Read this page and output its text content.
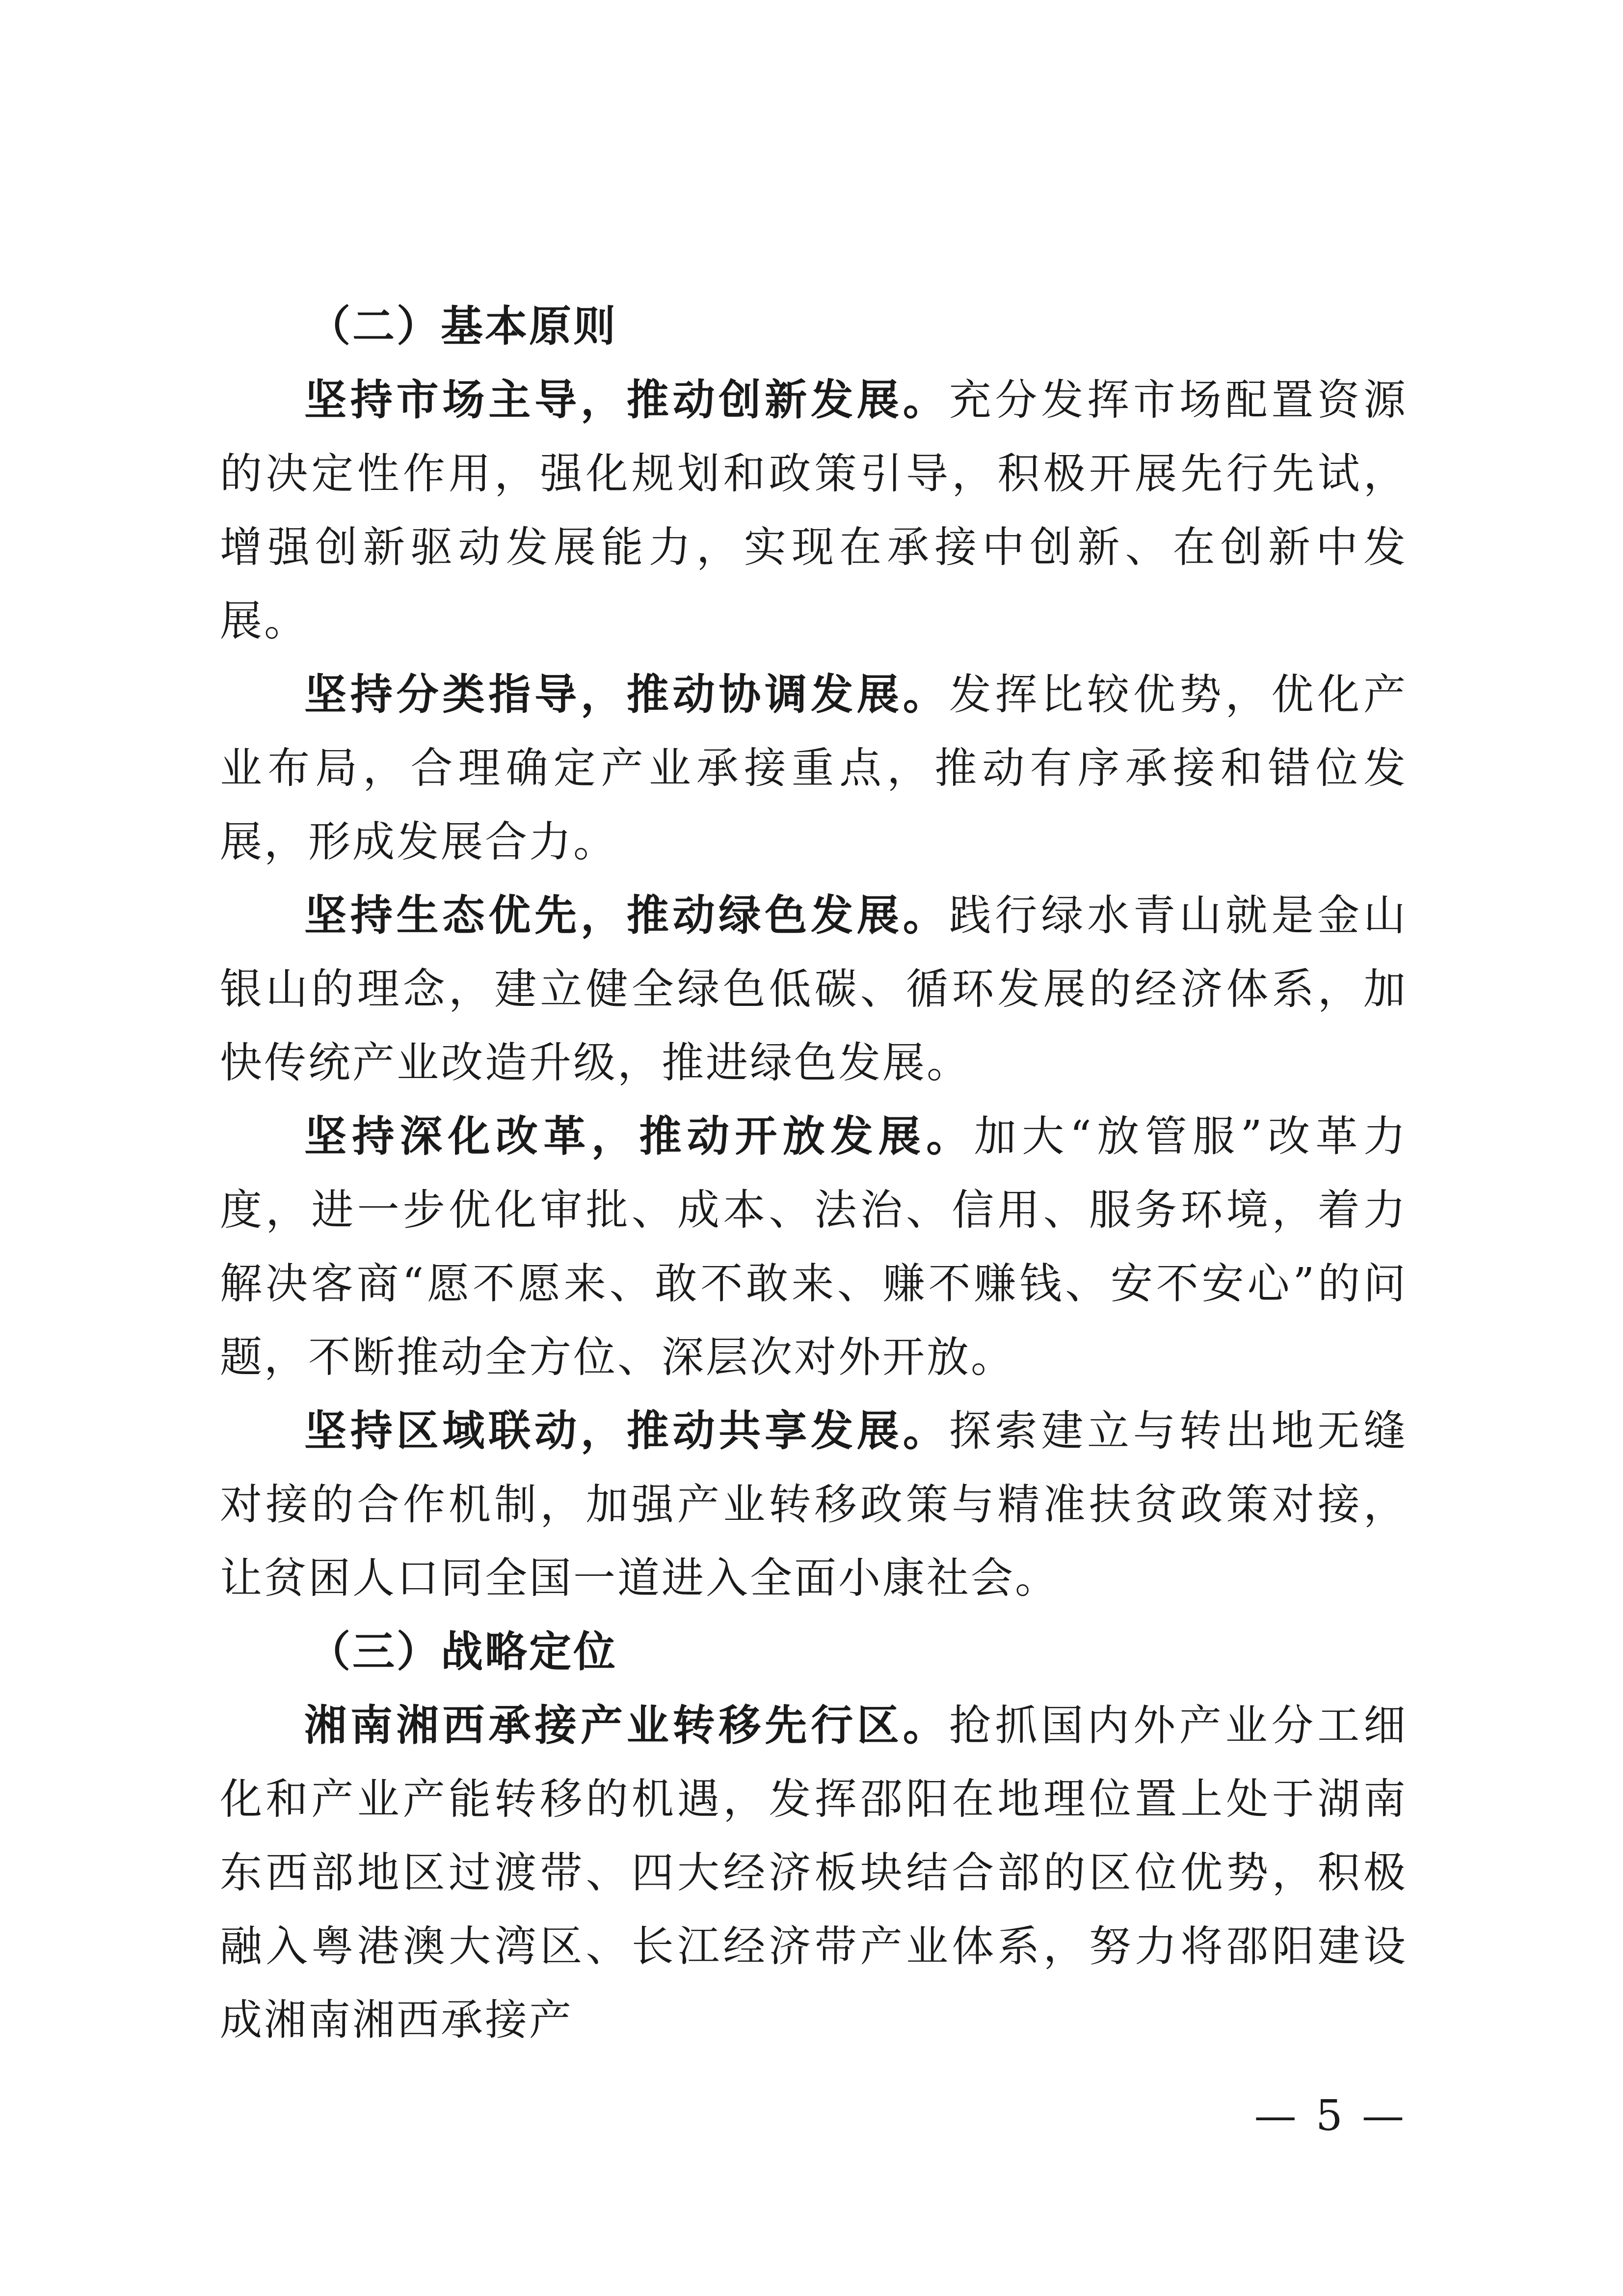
（二）基本原则

坚持市场主导，推动创新发展。充分发挥市场配置资源的决定性作用，强化规划和政策引导，积极开展先行先试，增强创新驱动发展能力，实现在承接中创新、在创新中发展。

坚持分类指导，推动协调发展。发挥比较优势，优化产业布局，合理确定产业承接重点，推动有序承接和错位发展，形成发展合力。

坚持生态优先，推动绿色发展。践行绿水青山就是金山银山的理念，建立健全绿色低碳、循环发展的经济体系，加快传统产业改造升级，推进绿色发展。

坚持深化改革，推动开放发展。加大“放管服”改革力度，进一步优化审批、成本、法治、信用、服务环境，着力解决客商“愿不愿来、敢不敢来、赚不赚钱、安不安心”的问题，不断推动全方位、深层次对外开放。

坚持区域联动，推动共享发展。探索建立与转出地无缝对接的合作机制，加强产业转移政策与精准扶贫政策对接，让贫困人口同全国一道进入全面小康社会。

（三）战略定位

湘南湘西承接产业转移先行区。抢抓国内外产业分工细化和产业产能转移的机遇，发挥邵阳在地理位置上处于湖南东西部地区过渡带、四大经济板块结合部的区位优势，积极融入粤港澳大湾区、长江经济带产业体系，努力将邵阳建设成湘南湘西承接产

— 5 —
